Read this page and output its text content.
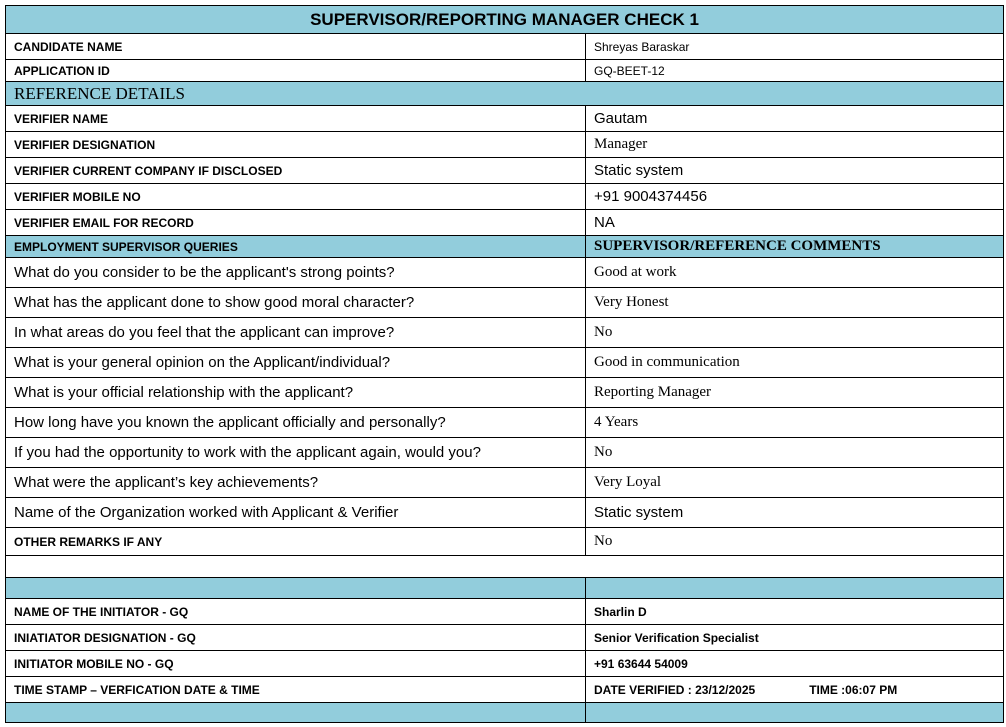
SUPERVISOR/REPORTING MANAGER CHECK 1	
CANDIDATE NAME	Shreyas Baraskar
APPLICATION ID	GQ-BEET-12
REFERENCE DETAILS	
VERIFIER NAME	Gautam
VERIFIER DESIGNATION	Manager
VERIFIER CURRENT COMPANY IF DISCLOSED	Static system
VERIFIER MOBILE NO	+91 9004374456
VERIFIER EMAIL FOR RECORD	NA
EMPLOYMENT SUPERVISOR QUERIES	SUPERVISOR/REFERENCE COMMENTS
What do you consider to be the applicant's strong points?	Good at work
What has the applicant done to show good moral character?	Very Honest
In what areas do you feel that the applicant can improve?	No
What is your general opinion on the Applicant/individual?	Good in communication
What is your official relationship with the applicant?	Reporting Manager
How long have you known the applicant officially and personally?	4 Years
If you had the opportunity to work with the applicant again, would you?	No
What were the applicant’s key achievements?	Very Loyal
Name of the Organization worked with Applicant & Verifier	Static system
OTHER REMARKS IF ANY	No

NAME OF THE INITIATOR - GQ	Sharlin D
INIATIATOR DESIGNATION - GQ	Senior Verification Specialist
INITIATOR MOBILE NO - GQ	+91 63644 54009
TIME STAMP – VERFICATION DATE & TIME	DATE VERIFIED : 23/12/2025 TIME :06:07 PM
